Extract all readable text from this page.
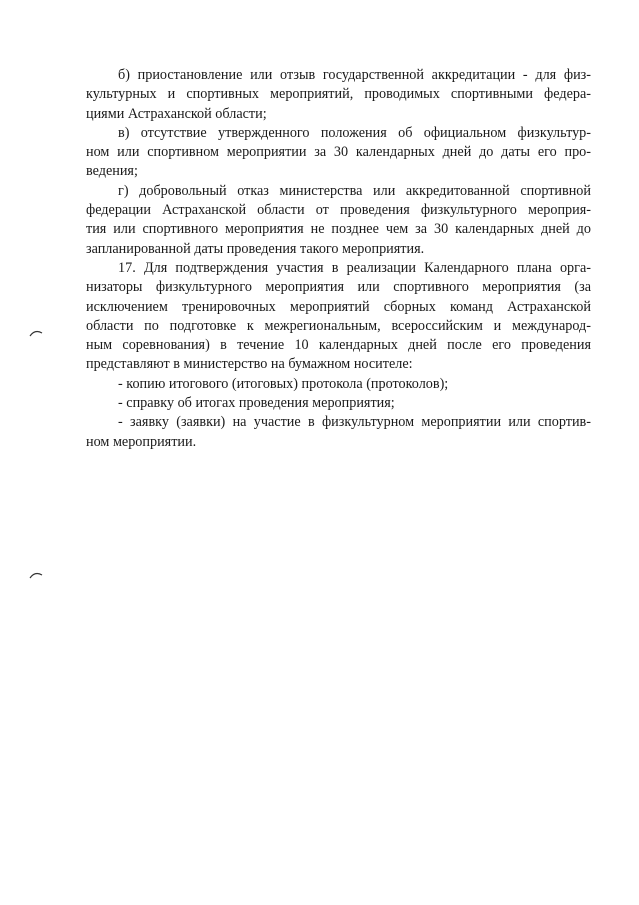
б) приостановление или отзыв государственной аккредитации - для физ-
культурных и спортивных мероприятий, проводимых спортивными федера-
циями Астраханской области;
в) отсутствие утвержденного положения об официальном физкультур-
ном или спортивном мероприятии за 30 календарных дней до даты его про-
ведения;
г) добровольный отказ министерства или аккредитованной спортивной
федерации Астраханской области от проведения физкультурного мероприя-
тия или спортивного мероприятия не позднее чем за 30 календарных дней до
запланированной даты проведения такого мероприятия.
17. Для подтверждения участия в реализации Календарного плана орга-
низаторы физкультурного мероприятия или спортивного мероприятия (за
исключением тренировочных мероприятий сборных команд Астраханской
области по подготовке к межрегиональным, всероссийским и международ-
ным соревнования) в течение 10 календарных дней после его проведения
представляют в министерство на бумажном носителе:
- копию итогового (итоговых) протокола (протоколов);
- справку об итогах проведения мероприятия;
- заявку (заявки) на участие в физкультурном мероприятии или спортив-
ном мероприятии.
